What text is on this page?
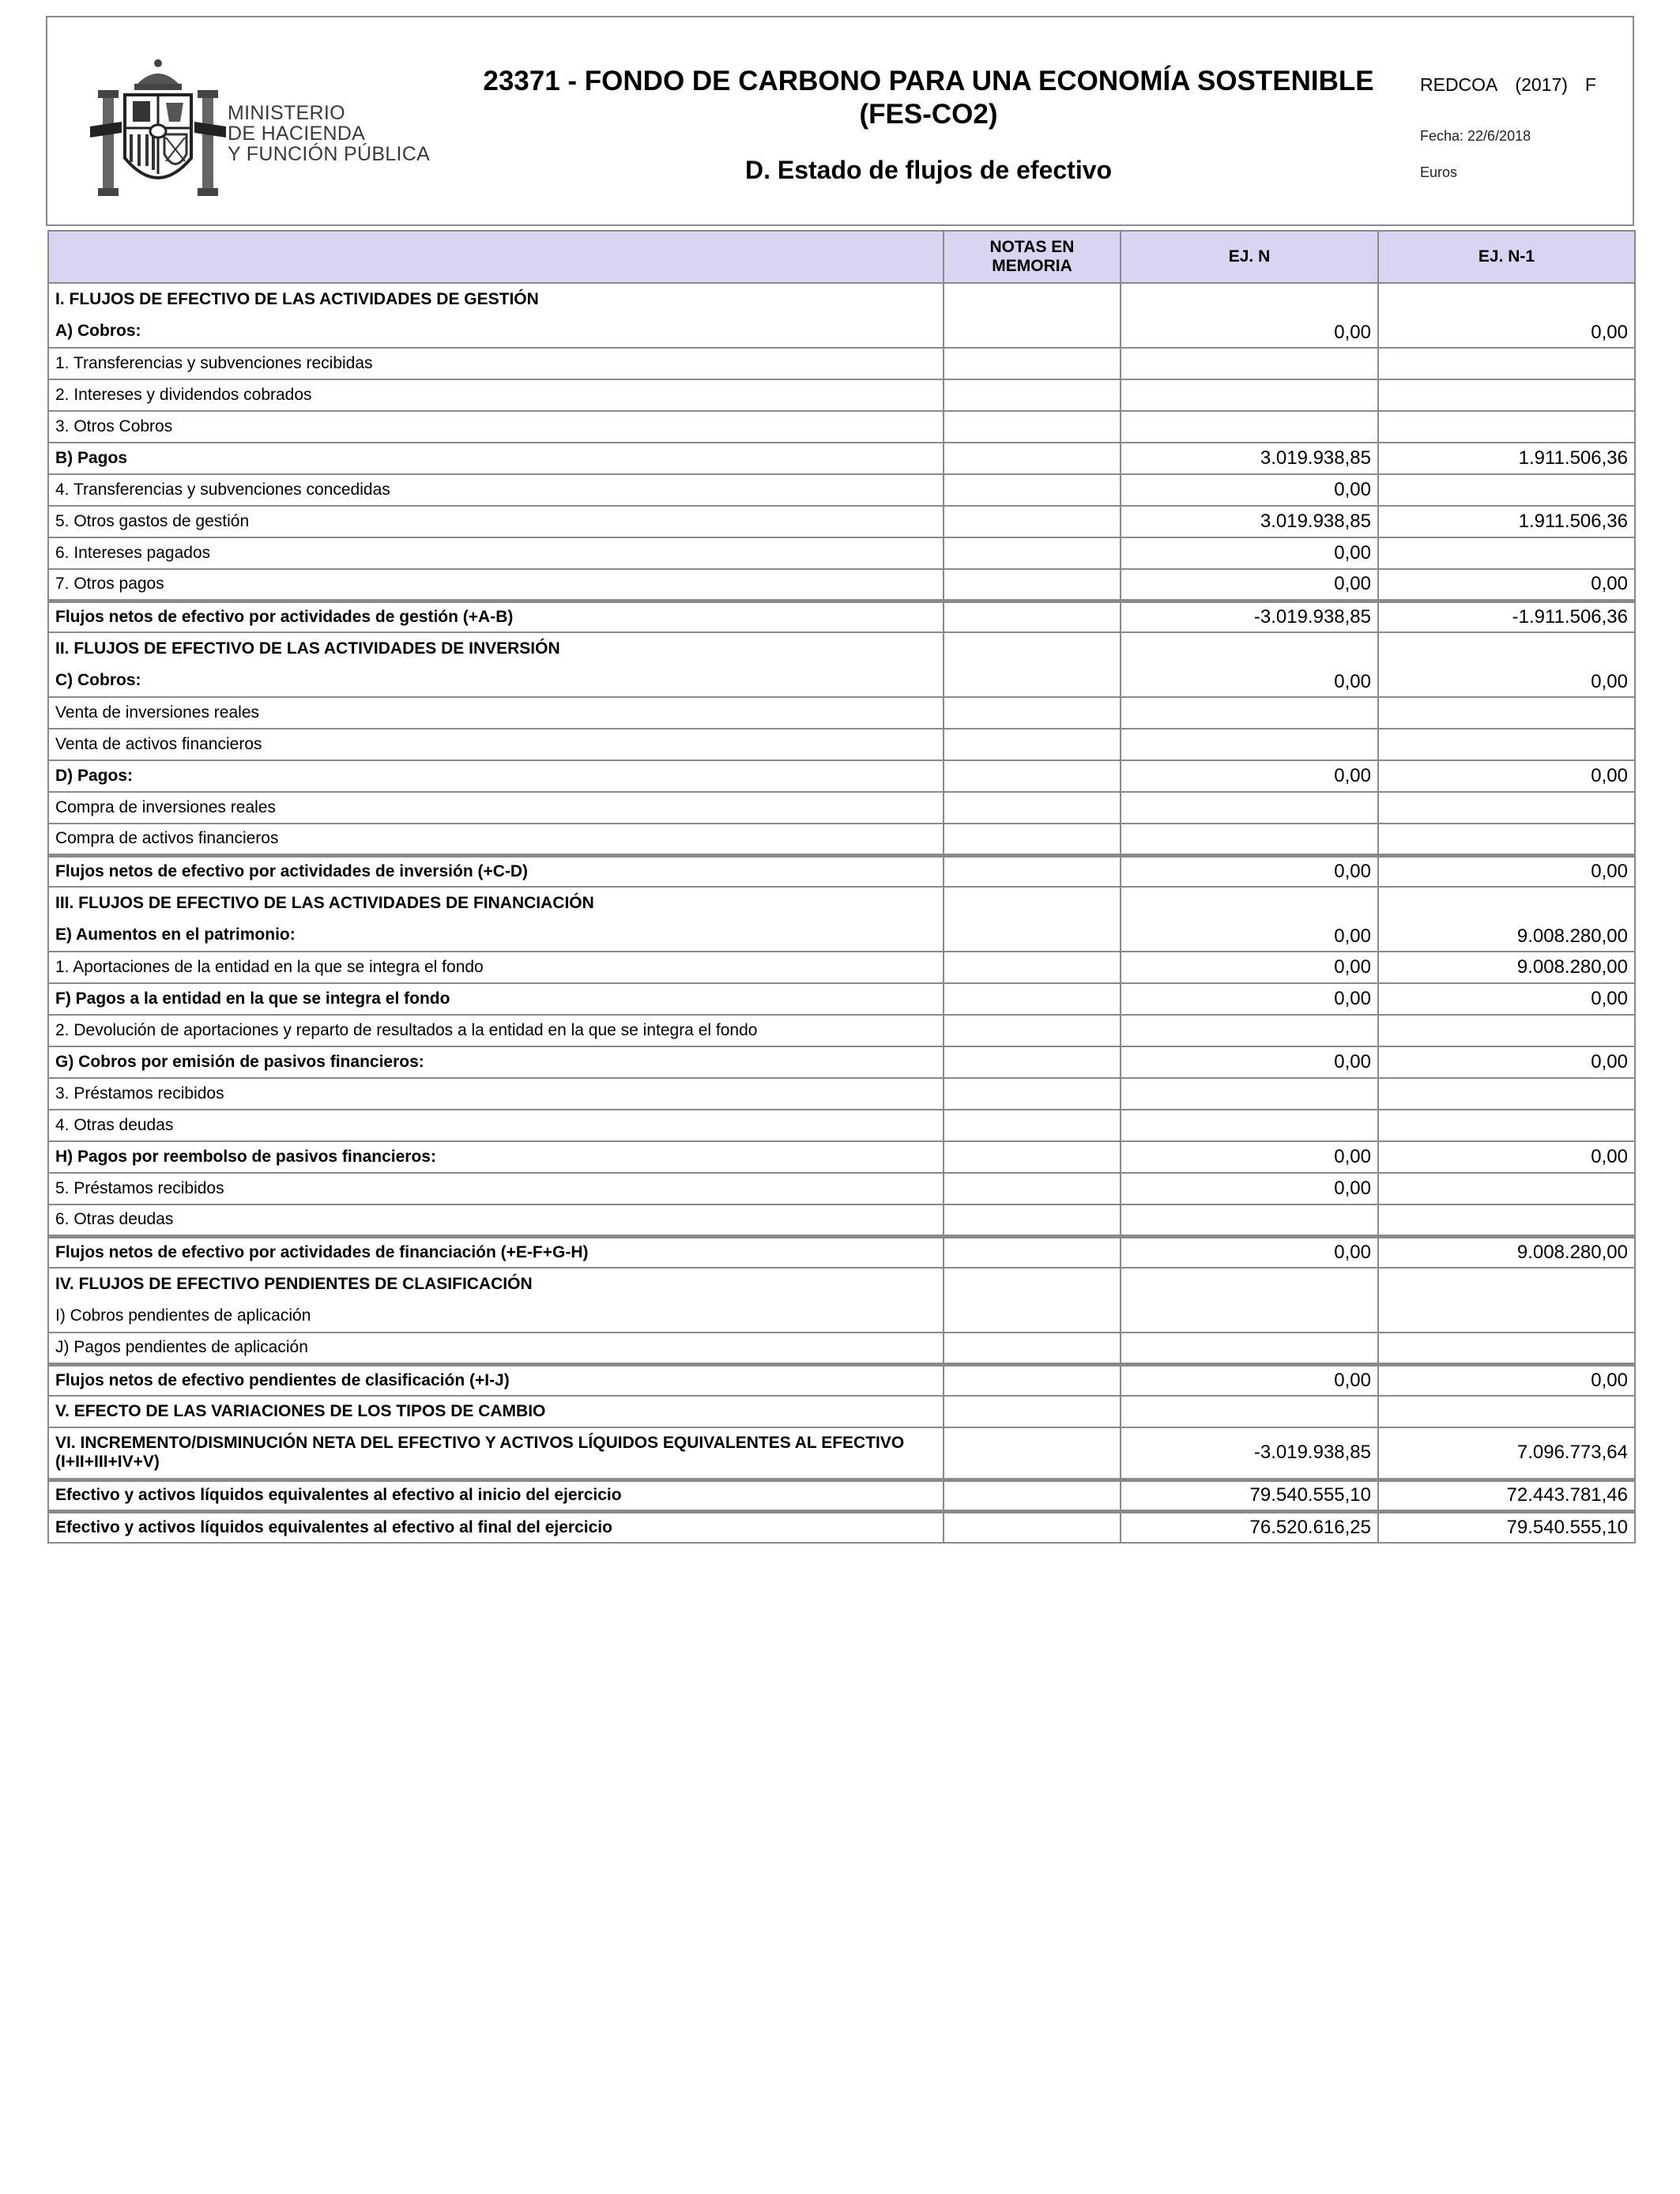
MINISTERIO
DE HACIENDA
Y FUNCIÓN PÚBLICA
23371 - FONDO DE CARBONO PARA UNA ECONOMÍA SOSTENIBLE (FES-CO2)
D. Estado de flujos de efectivo
REDCOA (2017) F
Fecha: 22/6/2018
Euros
	NOTAS EN MEMORIA	EJ. N	EJ. N-1

I. FLUJOS DE EFECTIVO DE LAS ACTIVIDADES DE GESTIÓN
A) Cobros:		0,00	0,00
1. Transferencias y subvenciones recibidas			
2. Intereses y dividendos cobrados			
3. Otros Cobros			
B) Pagos		3.019.938,85	1.911.506,36
4. Transferencias y subvenciones concedidas		0,00	
5. Otros gastos de gestión		3.019.938,85	1.911.506,36
6. Intereses pagados		0,00	
7. Otros pagos		0,00	0,00
Flujos netos de efectivo por actividades de gestión (+A-B)		-3.019.938,85	-1.911.506,36

II. FLUJOS DE EFECTIVO DE LAS ACTIVIDADES DE INVERSIÓN
C) Cobros:		0,00	0,00
Venta de inversiones reales			
Venta de activos financieros			
D) Pagos:		0,00	0,00
Compra de inversiones reales			
Compra de activos financieros			
Flujos netos de efectivo por actividades de inversión (+C-D)		0,00	0,00

III. FLUJOS DE EFECTIVO DE LAS ACTIVIDADES DE FINANCIACIÓN
E) Aumentos en el patrimonio:		0,00	9.008.280,00
1. Aportaciones de la entidad en la que se integra el fondo		0,00	9.008.280,00
F) Pagos a la entidad en la que se integra el fondo		0,00	0,00
2. Devolución de aportaciones y reparto de resultados a la entidad en la que se integra el fondo			
G) Cobros por emisión de pasivos financieros:		0,00	0,00
3. Préstamos recibidos			
4. Otras deudas			
H) Pagos por reembolso de pasivos financieros:		0,00	0,00
5. Préstamos recibidos		0,00	
6. Otras deudas			
Flujos netos de efectivo por actividades de financiación (+E-F+G-H)		0,00	9.008.280,00

IV. FLUJOS DE EFECTIVO PENDIENTES DE CLASIFICACIÓN
I) Cobros pendientes de aplicación			

J) Pagos pendientes de aplicación			
Flujos netos de efectivo pendientes de clasificación (+I-J)		0,00	0,00
V. EFECTO DE LAS VARIACIONES DE LOS TIPOS DE CAMBIO			
VI. INCREMENTO/DISMINUCIÓN NETA DEL EFECTIVO Y ACTIVOS LÍQUIDOS EQUIVALENTES AL EFECTIVO (I+II+III+IV+V)		-3.019.938,85	7.096.773,64
Efectivo y activos líquidos equivalentes al efectivo al inicio del ejercicio		79.540.555,10	72.443.781,46
Efectivo y activos líquidos equivalentes al efectivo al final del ejercicio		76.520.616,25	79.540.555,10
